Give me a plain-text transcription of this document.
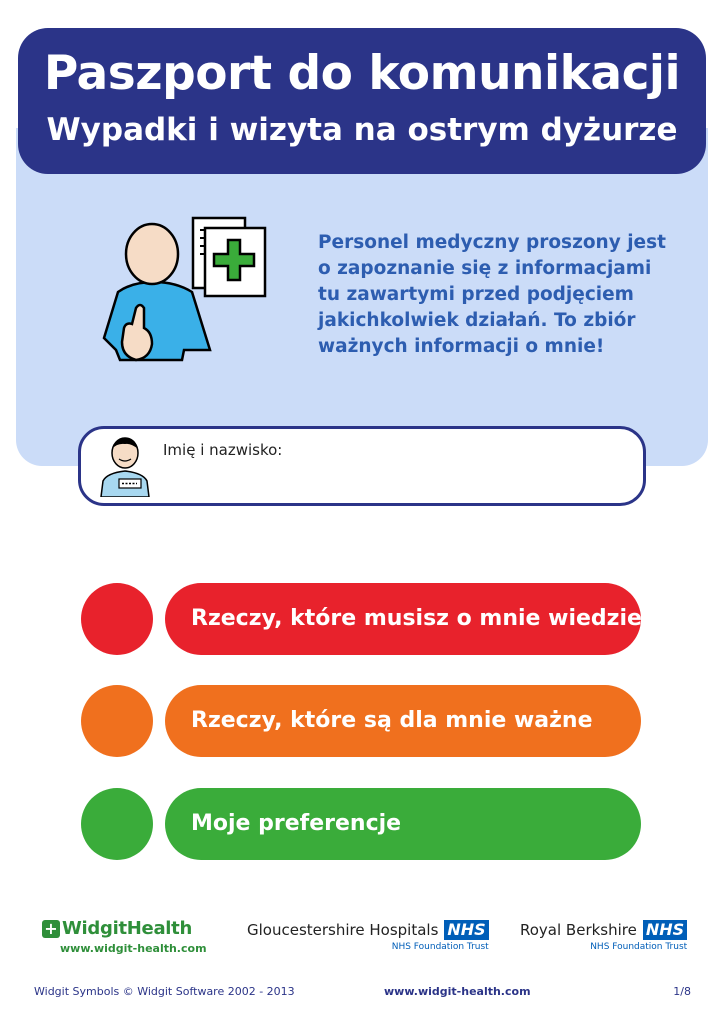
Paszport do komunikacji
Wypadki i wizyta na ostrym dyżurze
Personel medyczny proszony jest o zapoznanie się z informacjami tu zawartymi przed podjęciem jakichkolwiek działań. To zbiór ważnych informacji o mnie!
Imię i nazwisko:
Rzeczy, które musisz o mnie wiedzieć
Rzeczy, które są dla mnie ważne
Moje preferencje
+ WidgitHealth
www.widgit-health.com
Gloucestershire Hospitals NHS
NHS Foundation Trust
Royal Berkshire NHS
NHS Foundation Trust
Widgit Symbols © Widgit Software 2002 - 2013	www.widgit-health.com	1/8
